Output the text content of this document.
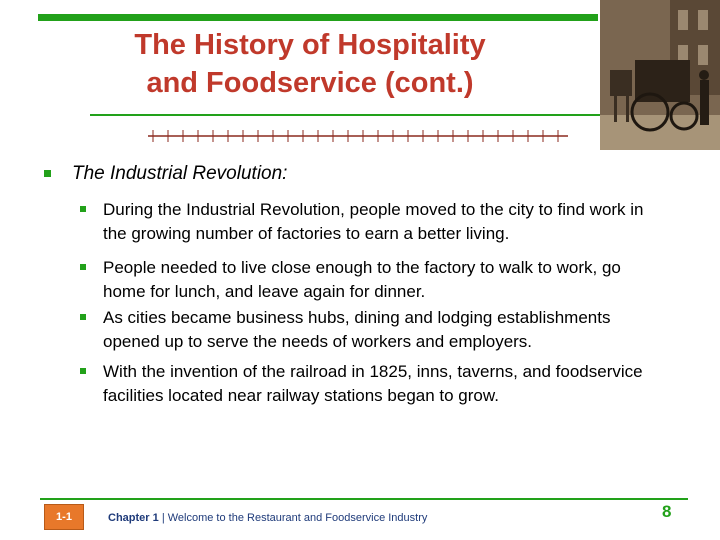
The History of Hospitality
and Foodservice (cont.)
The Industrial Revolution:
During the Industrial Revolution, people moved to the city to find work in the growing number of factories to earn a better living.
People needed to live close enough to the factory to walk to work, go home for lunch, and leave again for dinner.
As cities became business hubs, dining and lodging establishments opened up to serve the needs of workers and employers.
With the invention of the railroad in 1825, inns, taverns, and foodservice facilities located near railway stations began to grow.
1-1	Chapter 1 | Welcome to the Restaurant and Foodservice Industry	8
